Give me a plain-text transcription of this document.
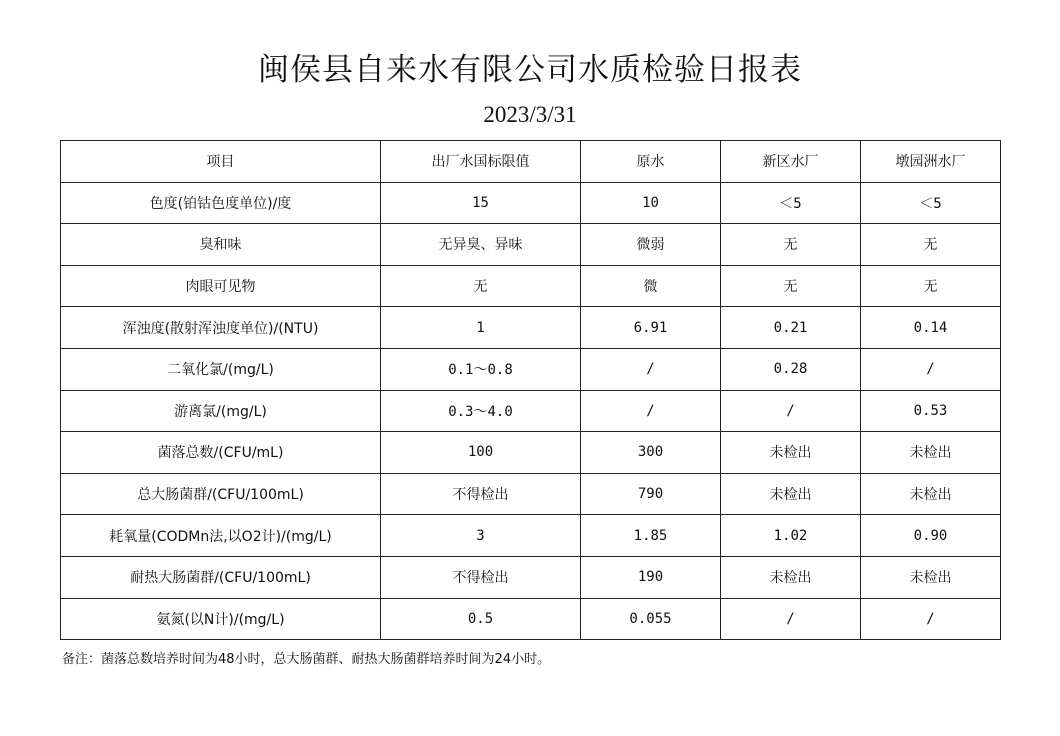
闽侯县自来水有限公司水质检验日报表
2023/3/31
项目	出厂水国标限值	原水	新区水厂	墩园洲水厂
色度(铂钴色度单位)/度	15	10	＜5	＜5
臭和味	无异臭、异味	微弱	无	无
肉眼可见物	无	微	无	无
浑浊度(散射浑浊度单位)/(NTU)	1	6.91	0.21	0.14
二氧化氯/(mg/L)	0.1～0.8	/	0.28	/
游离氯/(mg/L)	0.3～4.0	/	/	0.53
菌落总数/(CFU/mL)	100	300	未检出	未检出
总大肠菌群/(CFU/100mL)	不得检出	790	未检出	未检出
耗氧量(CODMn法,以O2计)/(mg/L)	3	1.85	1.02	0.90
耐热大肠菌群/(CFU/100mL)	不得检出	190	未检出	未检出
氨氮(以N计)/(mg/L)	0.5	0.055	/	/
备注：菌落总数培养时间为48小时，总大肠菌群、耐热大肠菌群培养时间为24小时。
